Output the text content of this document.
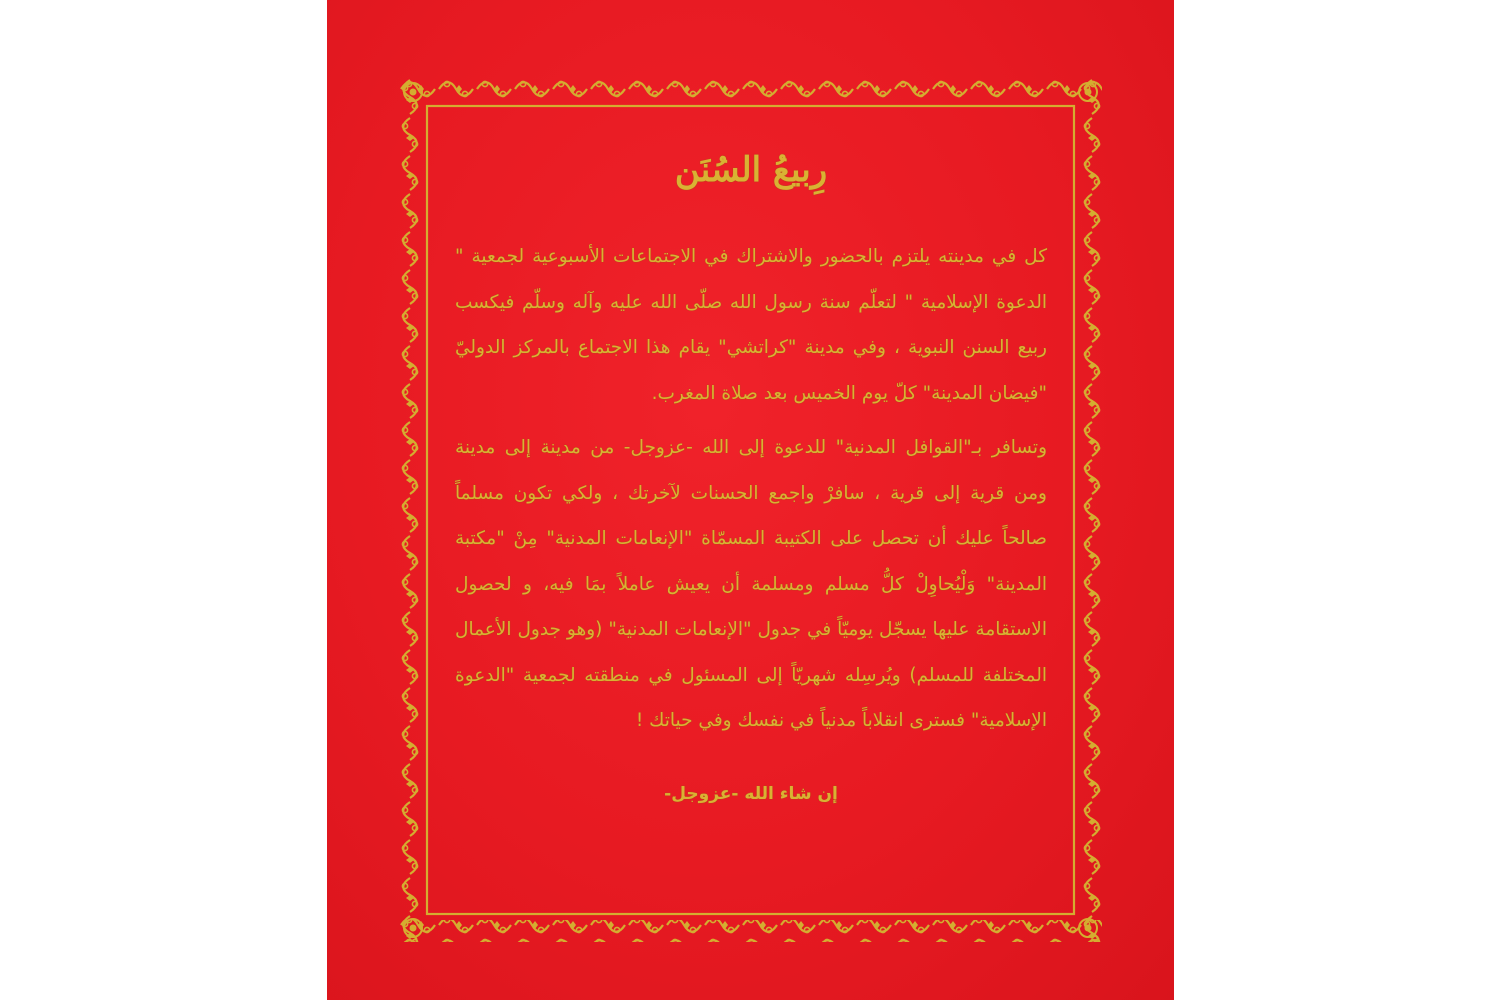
رِبيعُ السُنَن

كل في مدينته يلتزم بالحضور والاشتراك في الاجتماعات الأسبوعية لجمعية " الدعوة الإسلامية " لتعلّم سنة رسول الله صلّى الله عليه وآله وسلّم فيكسب ربيع السنن النبوية ، وفي مدينة "كراتشي" يقام هذا الاجتماع بالمركز الدوليّ "فيضان المدينة" كلّ يوم الخميس بعد صلاة المغرب.

وتسافر بـ"القوافل المدنية" للدعوة إلى الله -عزوجل- من مدينة إلى مدينة ومن قرية إلى قرية ، سافرْ واجمع الحسنات لآخرتك ، ولكي تكون مسلماً صالحاً عليك أن تحصل على الكتيبة المسمّاة "الإنعامات المدنية" مِنْ "مكتبة المدينة" وَلْيُحاوِلْ كلُّ مسلم ومسلمة أن يعيش عاملاً بمَا فيه، و لحصول الاستقامة عليها يسجّل يوميّاً في جدول "الإنعامات المدنية" (وهو جدول الأعمال المختلفة للمسلم) ويُرسِله شهريّاً إلى المسئول في منطقته لجمعية "الدعوة الإسلامية" فسترى انقلاباً مدنياً في نفسك وفي حياتك !

إن شاء الله -عزوجل-
